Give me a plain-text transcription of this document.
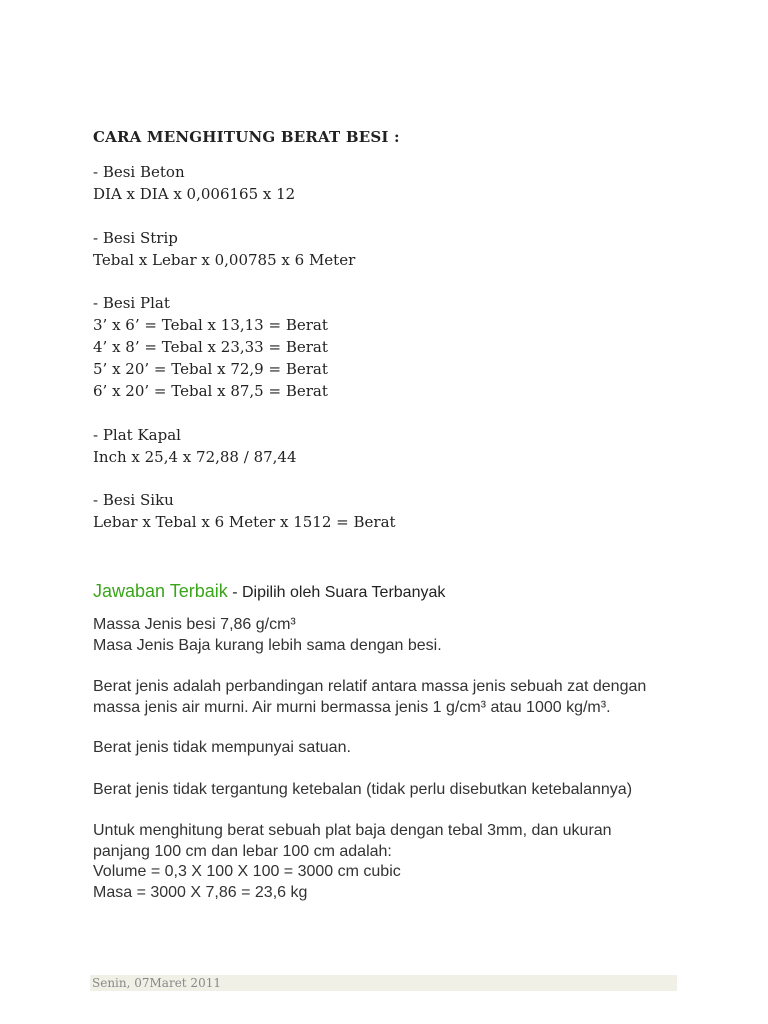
CARA MENGHITUNG BERAT BESI :
- Besi Beton
DIA x DIA x 0,006165 x 12
- Besi Strip
Tebal x Lebar x 0,00785 x 6 Meter
- Besi Plat
3’ x 6’ = Tebal x 13,13 = Berat
4’ x 8’ = Tebal x 23,33 = Berat
5’ x 20’ = Tebal x 72,9 = Berat
6’ x 20’ = Tebal x 87,5 = Berat
- Plat Kapal
Inch x 25,4 x 72,88 / 87,44
- Besi Siku
Lebar x Tebal x 6 Meter x 1512 = Berat
Jawaban Terbaik - Dipilih oleh Suara Terbanyak
Massa Jenis besi 7,86 g/cm³
Masa Jenis Baja kurang lebih sama dengan besi.
Berat jenis adalah perbandingan relatif antara massa jenis sebuah zat dengan
massa jenis air murni. Air murni bermassa jenis 1 g/cm³ atau 1000 kg/m³.
Berat jenis tidak mempunyai satuan.
Berat jenis tidak tergantung ketebalan (tidak perlu disebutkan ketebalannya)
Untuk menghitung berat sebuah plat baja dengan tebal 3mm, dan ukuran
panjang 100 cm dan lebar 100 cm adalah:
Volume = 0,3 X 100 X 100 = 3000 cm cubic
Masa = 3000 X 7,86 = 23,6 kg
Senin, 07Maret 2011
